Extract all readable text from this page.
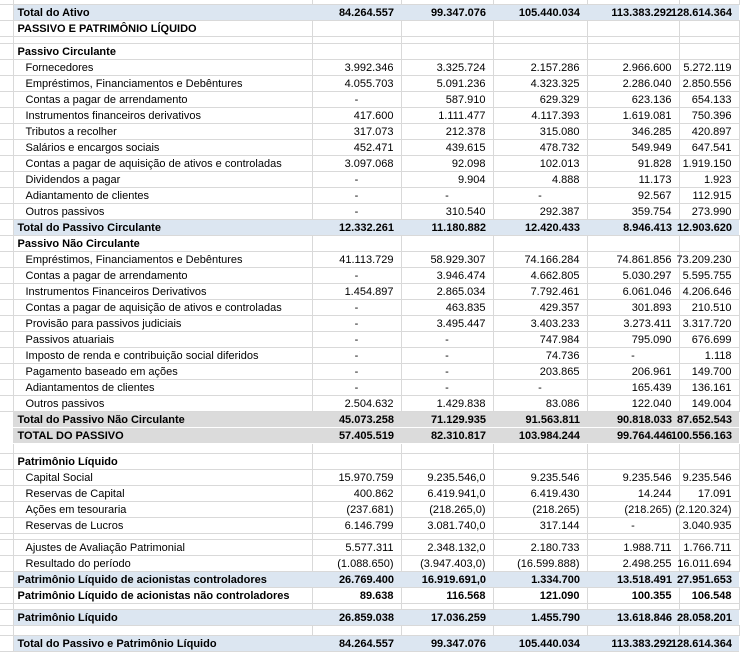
	Total do Ativo	84.264.557	99.347.076	105.440.034	113.383.292	128.614.364

	PASSIVO E PATRIMÔNIO LÍQUIDO					

	Passivo Circulante					
	Fornecedores	3.992.346	3.325.724	2.157.286	2.966.600	5.272.119

	Empréstimos, Financiamentos e Debêntures	4.055.703	5.091.236	4.323.325	2.286.040	2.850.556

	Contas a pagar de arrendamento	-	587.910	629.329	623.136	654.133

	Instrumentos financeiros derivativos	417.600	1.111.477	4.117.393	1.619.081	750.396

	Tributos a recolher	317.073	212.378	315.080	346.285	420.897

	Salários e encargos sociais	452.471	439.615	478.732	549.949	647.541

	Contas a pagar de aquisição de ativos e controladas	3.097.068	92.098	102.013	91.828	1.919.150

	Dividendos a pagar	-	9.904	4.888	11.173	1.923

	Adiantamento de clientes	-	-	-	92.567	112.915

	Outros passivos	-	310.540	292.387	359.754	273.990

	Total do Passivo Circulante	12.332.261	11.180.882	12.420.433	8.946.413	12.903.620

	Passivo Não Circulante					
	Empréstimos, Financiamentos e Debêntures	41.113.729	58.929.307	74.166.284	74.861.856	73.209.230

	Contas a pagar de arrendamento	-	3.946.474	4.662.805	5.030.297	5.595.755

	Instrumentos Financeiros Derivativos	1.454.897	2.865.034	7.792.461	6.061.046	4.206.646

	Contas a pagar de aquisição de ativos e controladas	-	463.835	429.357	301.893	210.510

	Provisão para passivos judiciais	-	3.495.447	3.403.233	3.273.411	3.317.720

	Passivos atuariais	-	-	747.984	795.090	676.699

	Imposto de renda e contribuição social diferidos	-	-	74.736	-	1.118

	Pagamento baseado em ações	-	-	203.865	206.961	149.700

	Adiantamentos de clientes	-	-	-	165.439	136.161

	Outros passivos	2.504.632	1.429.838	83.086	122.040	149.004

	Total do Passivo Não Circulante	45.073.258	71.129.935	91.563.811	90.818.033	87.652.543

	TOTAL DO PASSIVO	57.405.519	82.310.817	103.984.244	99.764.446	100.556.163

	Patrimônio Líquido					
	Capital Social	15.970.759	9.235.546,0	9.235.546	9.235.546	9.235.546

	Reservas de Capital	400.862	6.419.941,0	6.419.430	14.244	17.091

	Ações em tesouraria	(237.681)	(218.265,0)	(218.265)	(218.265)	(2.120.324)

	Reservas de Lucros	6.146.799	3.081.740,0	317.144	-	3.040.935

	Ajustes de Avaliação Patrimonial	5.577.311	2.348.132,0	2.180.733	1.988.711	1.766.711

	Resultado do período	(1.088.650)	(3.947.403,0)	(16.599.888)	2.498.255	16.011.694

	Patrimônio Líquido de acionistas controladores	26.769.400	16.919.691,0	1.334.700	13.518.491	27.951.653

	Patrimônio Líquido de acionistas não controladores	89.638	116.568	121.090	100.355	106.548

	Patrimônio Líquido	26.859.038	17.036.259	1.455.790	13.618.846	28.058.201

	Total do Passivo e Patrimônio Líquido	84.264.557	99.347.076	105.440.034	113.383.292	128.614.364
